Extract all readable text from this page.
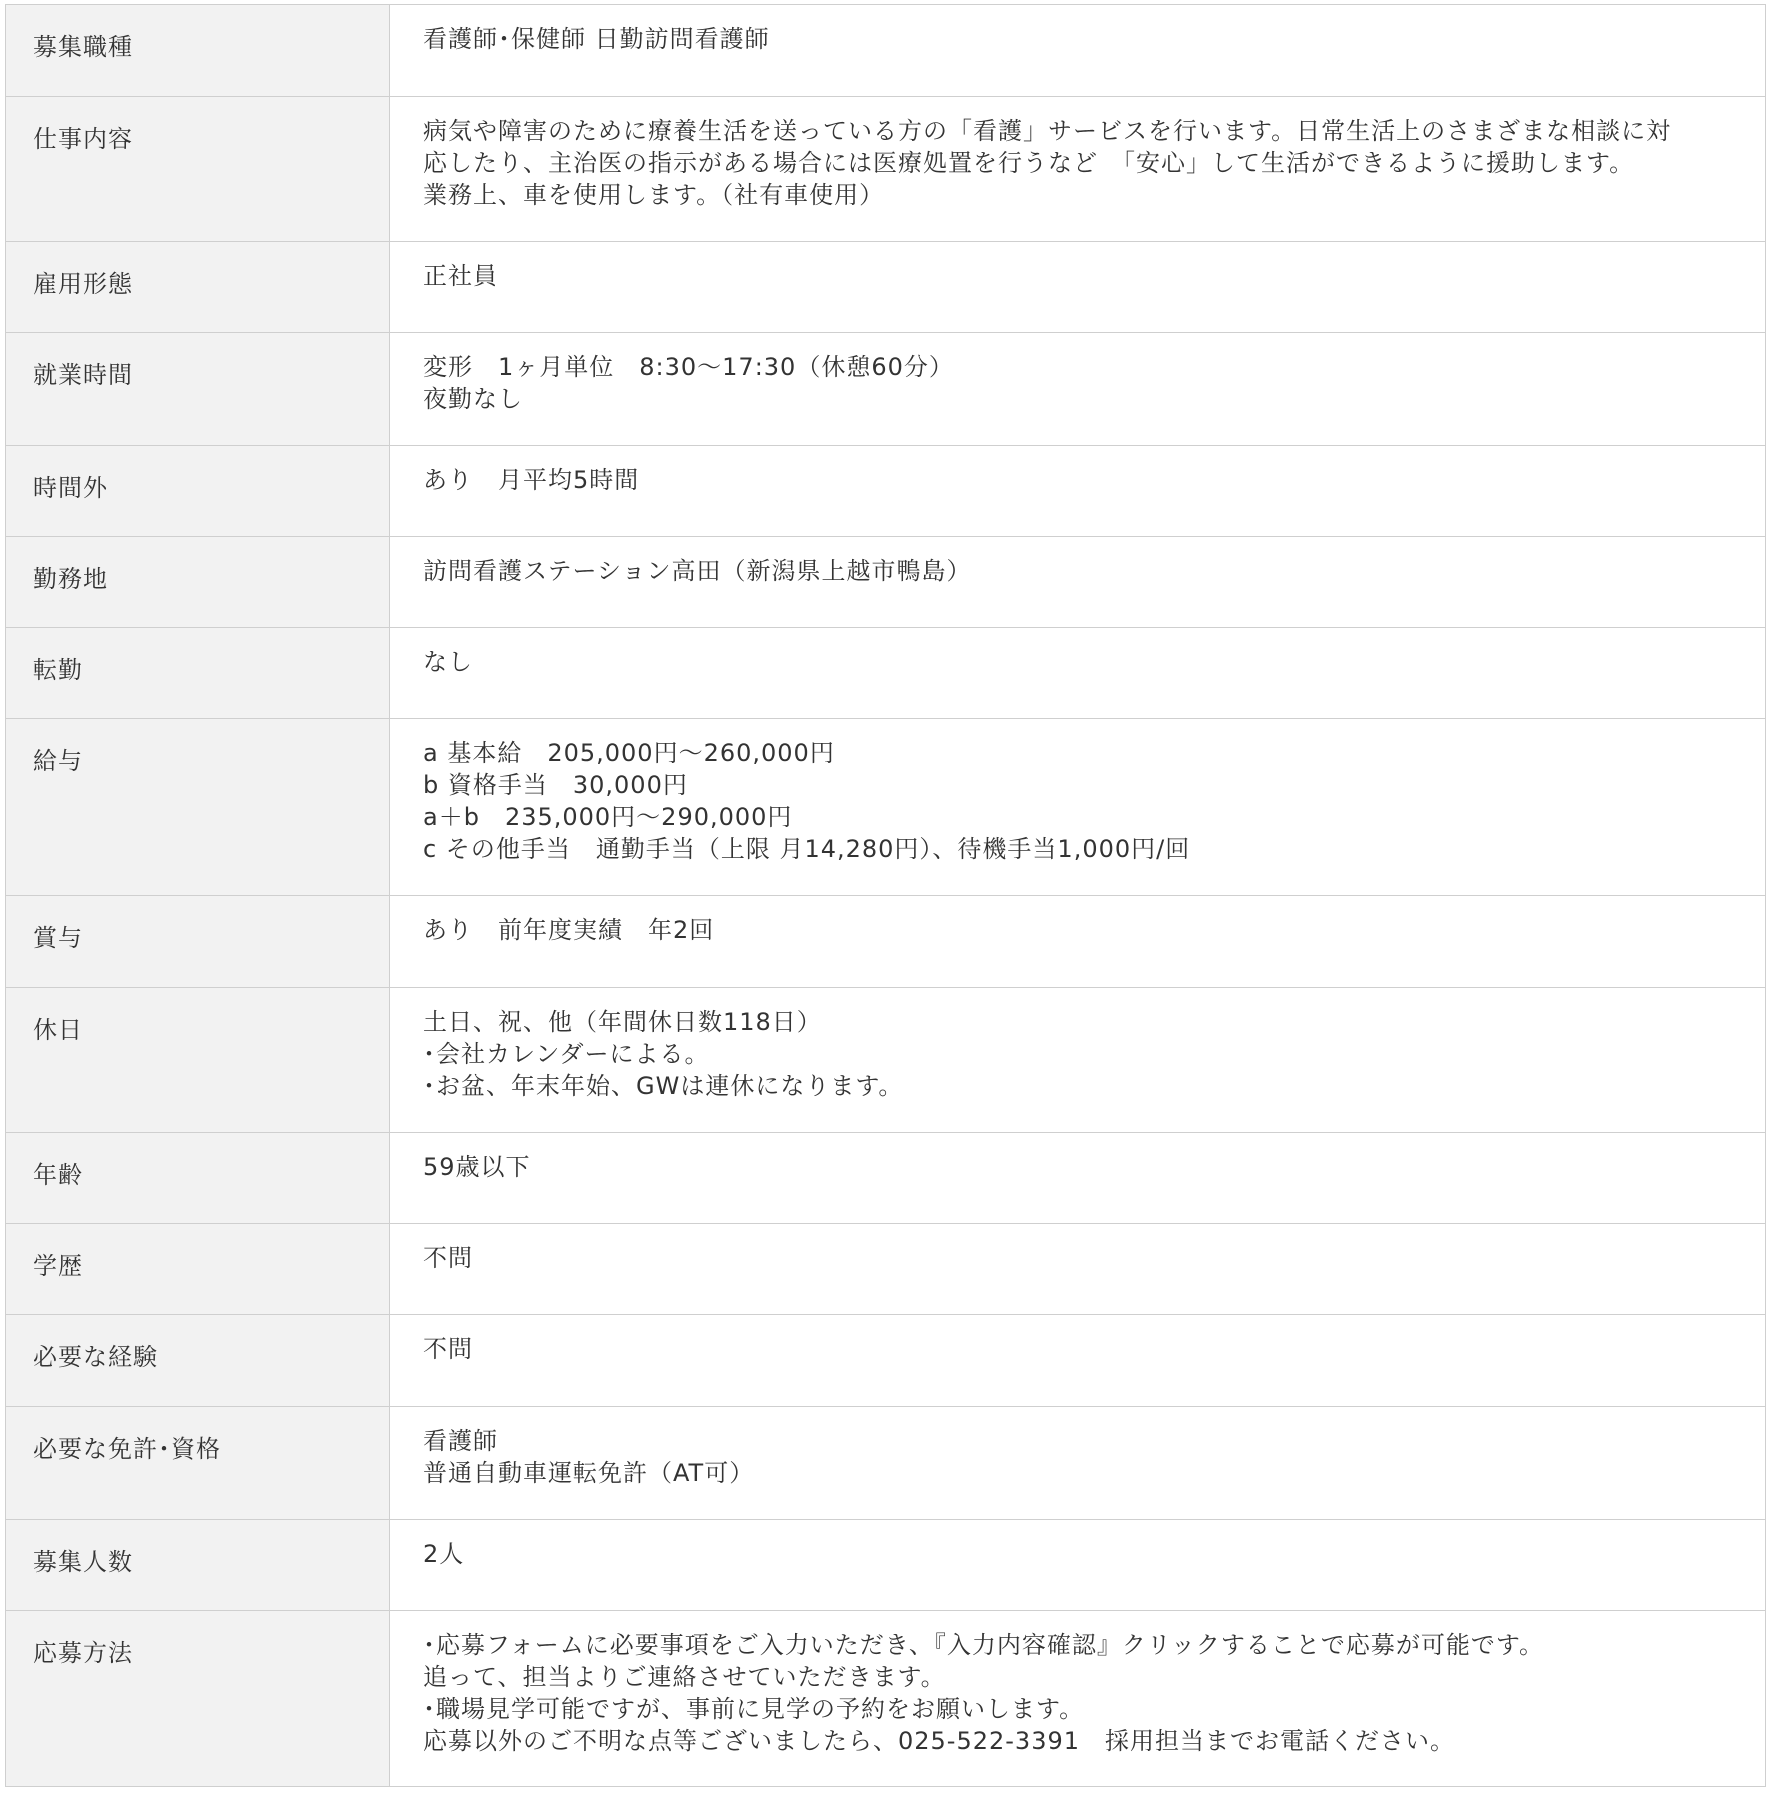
募集職種	看護師･保健師 日勤訪問看護師

仕事内容	病気や障害のために療養生活を送っている方の「看護」サービスを行います。日常生活上のさまざまな相談に対
応したり、主治医の指示がある場合には医療処置を行うなど　「安心」して生活ができるように援助します。
業務上、車を使用します。（社有車使用）

雇用形態	正社員

就業時間	変形　1ヶ月単位　8:30～17:30（休憩60分）
夜勤なし

時間外	あり　月平均5時間

勤務地	訪問看護ステーション高田（新潟県上越市鴨島）

転勤	なし

給与	a 基本給　205,000円～260,000円
b 資格手当　30,000円
a＋b　235,000円～290,000円
c その他手当　通勤手当（上限 月14,280円）、待機手当1,000円/回

賞与	あり　前年度実績　年2回

休日	土日、祝、他（年間休日数118日）
･会社カレンダーによる。
･お盆、年末年始、GWは連休になります。

年齢	59歳以下

学歴	不問

必要な経験	不問

必要な免許･資格	看護師
普通自動車運転免許（AT可）

募集人数	2人

応募方法	･応募フォームに必要事項をご入力いただき、『入力内容確認』クリックすることで応募が可能です。
追って、担当よりご連絡させていただきます。
･職場見学可能ですが、事前に見学の予約をお願いします。
応募以外のご不明な点等ございましたら、025-522-3391　採用担当までお電話ください。
